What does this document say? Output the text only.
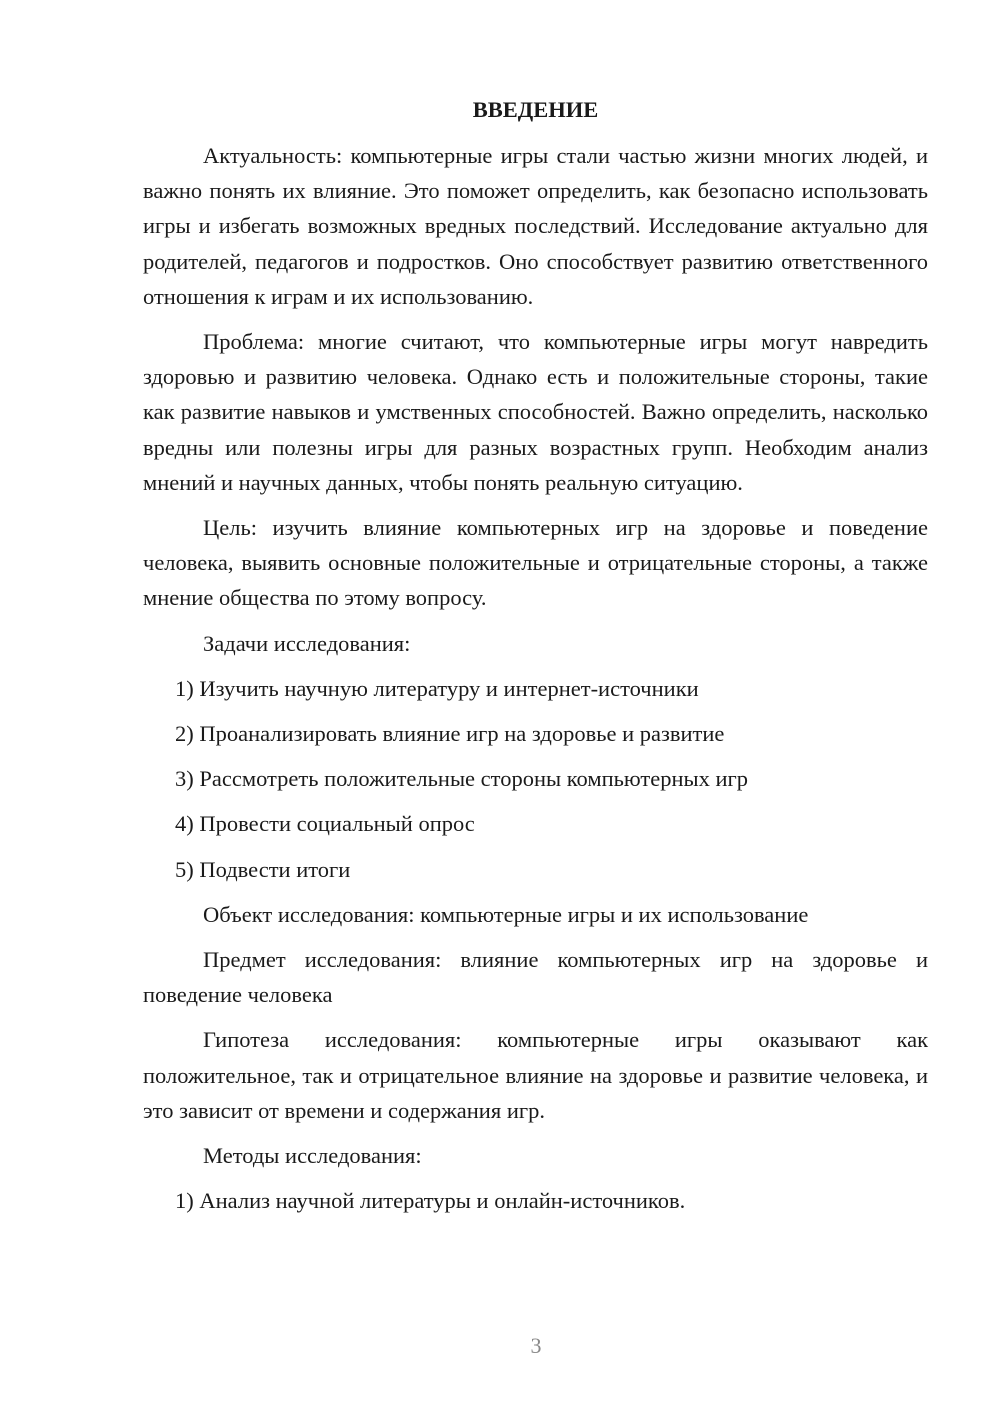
ВВЕДЕНИЕ
Актуальность: компьютерные игры стали частью жизни многих людей, и важно понять их влияние. Это поможет определить, как безопасно использовать игры и избегать возможных вредных последствий. Исследование актуально для родителей, педагогов и подростков. Оно способствует развитию ответственного отношения к играм и их использованию.
Проблема: многие считают, что компьютерные игры могут навредить здоровью и развитию человека. Однако есть и положительные стороны, такие как развитие навыков и умственных способностей. Важно определить, насколько вредны или полезны игры для разных возрастных групп. Необходим анализ мнений и научных данных, чтобы понять реальную ситуацию.
Цель: изучить влияние компьютерных игр на здоровье и поведение человека, выявить основные положительные и отрицательные стороны, а также мнение общества по этому вопросу.
Задачи исследования:
1) Изучить научную литературу и интернет-источники
2) Проанализировать влияние игр на здоровье и развитие
3) Рассмотреть положительные стороны компьютерных игр
4) Провести социальный опрос
5) Подвести итоги
Объект исследования: компьютерные игры и их использование
Предмет исследования: влияние компьютерных игр на здоровье и поведение человека
Гипотеза исследования: компьютерные игры оказывают как положительное, так и отрицательное влияние на здоровье и развитие человека, и это зависит от времени и содержания игр.
Методы исследования:
1) Анализ научной литературы и онлайн-источников.
3
